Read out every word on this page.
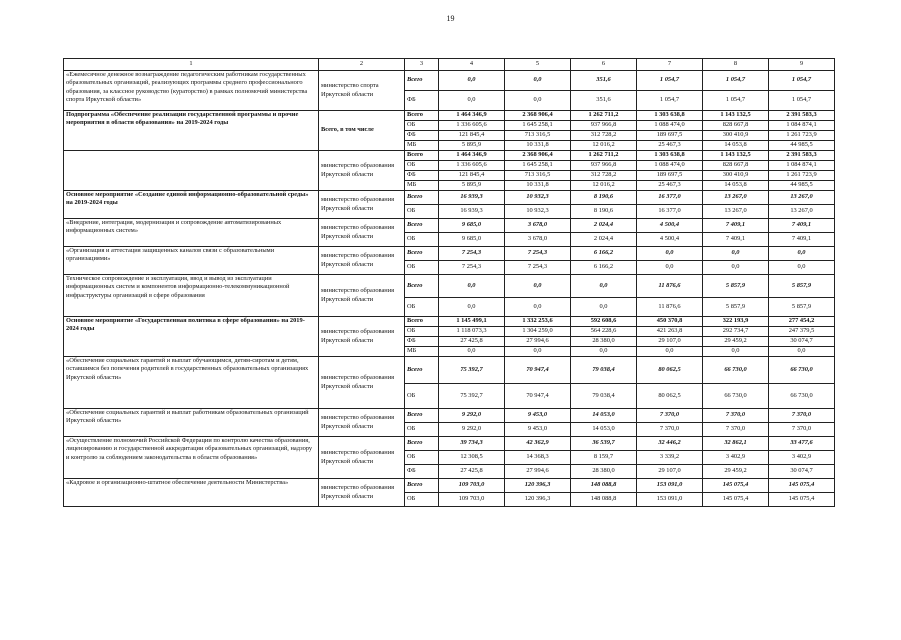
19
1	2	3	4	5	6	7	8	9
«Ежемесячное денежное вознаграждение педагогическим работникам государственных образовательных организаций, реализующих программы среднего профессионального образования, за классное руководство (кураторство) в рамках полномочий министерства спорта Иркутской области»	министерство спорта Иркутской области	Всего	0,0	0,0	351,6	1 054,7	1 054,7	1 054,7
		ФБ	0,0	0,0	351,6	1 054,7	1 054,7	1 054,7
Подпрограмма «Обеспечение реализации государственной программы и прочие мероприятия в области образования» на 2019-2024 годы	Всего, в том числе	Всего	1 464 346,9	2 368 906,4	1 262 711,2	1 303 638,8	1 143 132,5	2 391 583,3
		ОБ	1 336 605,6	1 645 258,1	937 966,8	1 088 474,0	828 667,8	1 084 874,1
		ФБ	121 845,4	713 316,5	312 728,2	189 697,5	300 410,9	1 261 723,9
		МБ	5 895,9	10 331,8	12 016,2	25 467,3	14 053,8	44 985,5
	министерство образования Иркутской области	Всего	1 464 346,9	2 368 906,4	1 262 711,2	1 303 638,8	1 143 132,5	2 391 583,3
		ОБ	1 336 605,6	1 645 258,1	937 966,8	1 088 474,0	828 667,8	1 084 874,1
		ФБ	121 845,4	713 316,5	312 728,2	189 697,5	300 410,9	1 261 723,9
		МБ	5 895,9	10 331,8	12 016,2	25 467,3	14 053,8	44 985,5
Основное мероприятие «Создание единой информационно-образовательной среды» на 2019-2024 годы	министерство образования Иркутской области	Всего	16 939,3	10 932,3	8 190,6	16 377,0	13 267,0	13 267,0
		ОБ	16 939,3	10 932,3	8 190,6	16 377,0	13 267,0	13 267,0
«Внедрение, интеграция, модернизация и сопровождение автоматизированных информационных систем»	министерство образования Иркутской области	Всего	9 685,0	3 678,0	2 024,4	4 500,4	7 409,1	7 409,1
		ОБ	9 685,0	3 678,0	2 024,4	4 500,4	7 409,1	7 409,1
«Организация и аттестация защищенных каналов связи с образовательными организациями»	министерство образования Иркутской области	Всего	7 254,3	7 254,3	6 166,2	0,0	0,0	0,0
		ОБ	7 254,3	7 254,3	6 166,2	0,0	0,0	0,0
Техническое сопровождение и эксплуатация, ввод и вывод из эксплуатации информационных систем и компонентов информационно-телекоммуникационной инфраструктуры организаций в сфере образования	министерство образования Иркутской области	Всего	0,0	0,0	0,0	11 876,6	5 857,9	5 857,9
		ОБ	0,0	0,0	0,0	11 876,6	5 857,9	5 857,9
Основное мероприятие «Государственная политика в сфере образования» на 2019-2024 годы	министерство образования Иркутской области	Всего	1 145 499,1	1 332 253,6	592 608,6	450 370,8	322 193,9	277 454,2
		ОБ	1 118 073,3	1 304 259,0	564 228,6	421 263,8	292 734,7	247 379,5
		ФБ	27 425,8	27 994,6	28 380,0	29 107,0	29 459,2	30 074,7
		МБ	0,0	0,0	0,0	0,0	0,0	0,0
«Обеспечение социальных гарантий и выплат обучающимся, детям-сиротам и детям, оставшимся без попечения родителей в государственных образовательных организациях Иркутской области»	министерство образования Иркутской области	Всего	75 392,7	70 947,4	79 038,4	80 062,5	66 730,0	66 730,0
		ОБ	75 392,7	70 947,4	79 038,4	80 062,5	66 730,0	66 730,0
«Обеспечение социальных гарантий и выплат работникам образовательных организаций Иркутской области»	министерство образования Иркутской области	Всего	9 292,0	9 453,0	14 053,0	7 370,0	7 370,0	7 370,0
		ОБ	9 292,0	9 453,0	14 053,0	7 370,0	7 370,0	7 370,0
«Осуществление полномочий Российской Федерации по контролю качества образования, лицензированию и государственной аккредитации образовательных организаций, надзору и контролю за соблюдением законодательства в области образования»	министерство образования Иркутской области	Всего	39 734,3	42 362,9	36 539,7	32 446,2	32 862,1	33 477,6
		ОБ	12 308,5	14 368,3	8 159,7	3 339,2	3 402,9	3 402,9
		ФБ	27 425,8	27 994,6	28 380,0	29 107,0	29 459,2	30 074,7
«Кадровое и организационно-штатное обеспечение деятельности Министерства»	министерство образования Иркутской области	Всего	109 703,0	120 396,3	148 088,8	153 091,0	145 075,4	145 075,4
		ОБ	109 703,0	120 396,3	148 088,8	153 091,0	145 075,4	145 075,4
